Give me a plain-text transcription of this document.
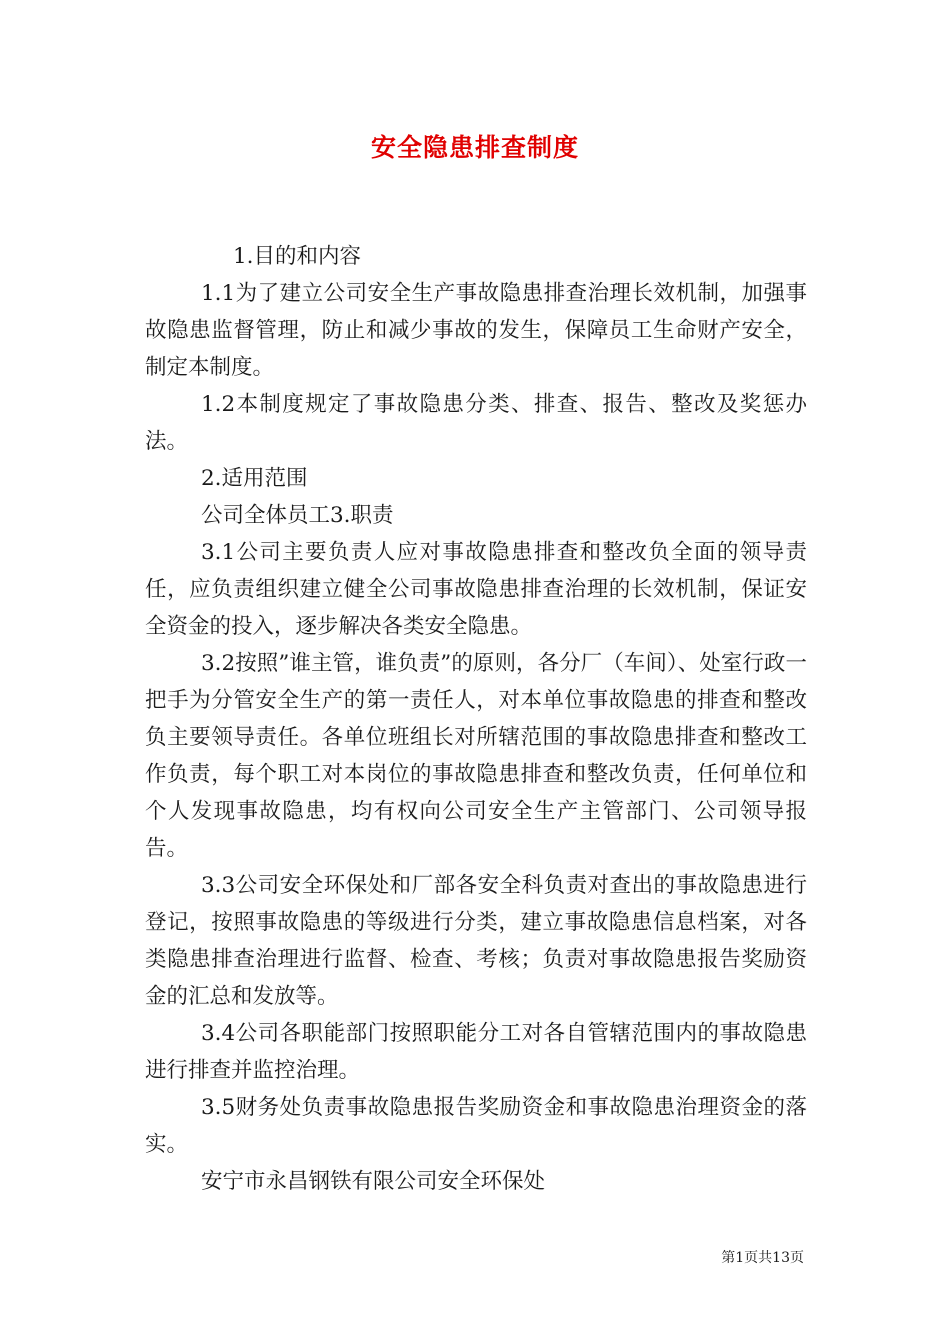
安全隐患排查制度

1.目的和内容

1.1为了建立公司安全生产事故隐患排查治理长效机制，加强事故隐患监督管理，防止和减少事故的发生，保障员工生命财产安全，制定本制度。

1.2本制度规定了事故隐患分类、排查、报告、整改及奖惩办法。

2.适用范围

公司全体员工3.职责

3.1公司主要负责人应对事故隐患排查和整改负全面的领导责任，应负责组织建立健全公司事故隐患排查治理的长效机制，保证安全资金的投入，逐步解决各类安全隐患。

3.2按照”谁主管，谁负责”的原则，各分厂（车间）、处室行政一把手为分管安全生产的第一责任人，对本单位事故隐患的排查和整改负主要领导责任。各单位班组长对所辖范围的事故隐患排查和整改工作负责，每个职工对本岗位的事故隐患排查和整改负责，任何单位和个人发现事故隐患，均有权向公司安全生产主管部门、公司领导报告。

3.3公司安全环保处和厂部各安全科负责对查出的事故隐患进行登记，按照事故隐患的等级进行分类，建立事故隐患信息档案，对各类隐患排查治理进行监督、检查、考核；负责对事故隐患报告奖励资金的汇总和发放等。

3.4公司各职能部门按照职能分工对各自管辖范围内的事故隐患进行排查并监控治理。

3.5财务处负责事故隐患报告奖励资金和事故隐患治理资金的落实。

安宁市永昌钢铁有限公司安全环保处

第1页共13页
